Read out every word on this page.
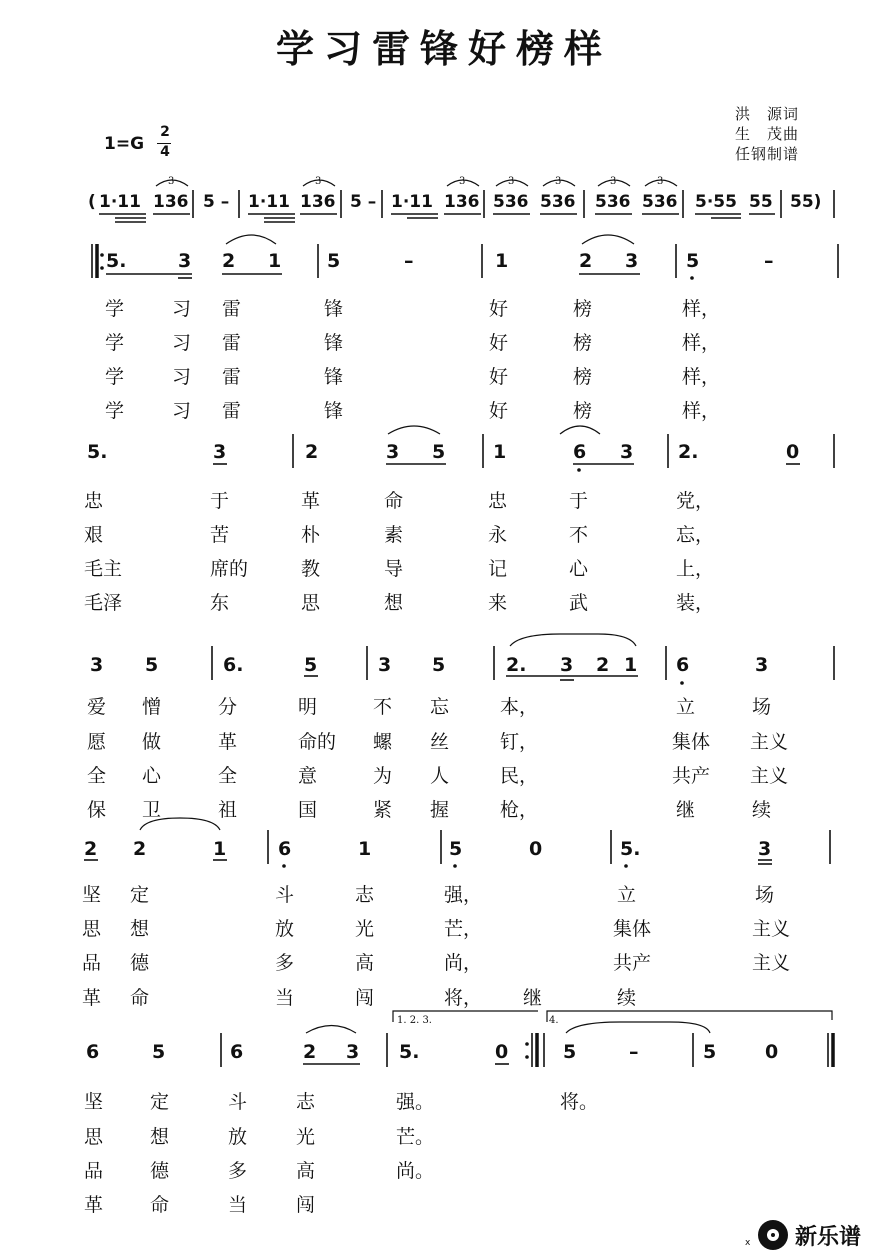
学习雷锋好榜样
洪　源词
生　茂曲
任钢制谱
1=G
2
4
( 1·11 136 5 – 1·11 136 5 – 1·11 136 536 536 536 536 5·55 55 55)
5.	3 2 1 5	–	1	2 3	5	–
学	习 雷	锋	好	榜	样，
学	习 雷	锋	好	榜	样，
学	习 雷	锋	好	榜	样，
学	习 雷	锋	好	榜	样，
5.	3	2	3 5	1	6 3 2.	0
忠	于	革	命	忠	于	党，
艰	苦	朴	素	永	不	忘，
毛主	席的	教	导	记	心	上，
毛泽	东	思	想	来	武	装，
3 5	6.	5	3 5	2. 3 2 1 6	3
爱 憎	分	明	不 忘	本，	立	场
愿 做	革	命的 螺 丝	钉，	集体 主义
全 心	全	意	为 人	民，	共产 主义
保 卫	祖	国	紧 握	枪，	继	续
2 2	1	6	1	5	0	5.	3
坚 定	斗	志	强，	立	场
思 想	放	光	芒，	集体	主义
品 德	多	高	尚，	共产	主义
革 命	当	闯	将， 继	续
1. 2. 3.	4.
6	5	6	2 3 5.	0	5	–	5	0
坚 定	斗	志	强。	将。
思 想	放	光	芒。
品 德	多	高	尚。
革 命	当	闯
3	3	3	3	3	3	3
x 新乐谱
